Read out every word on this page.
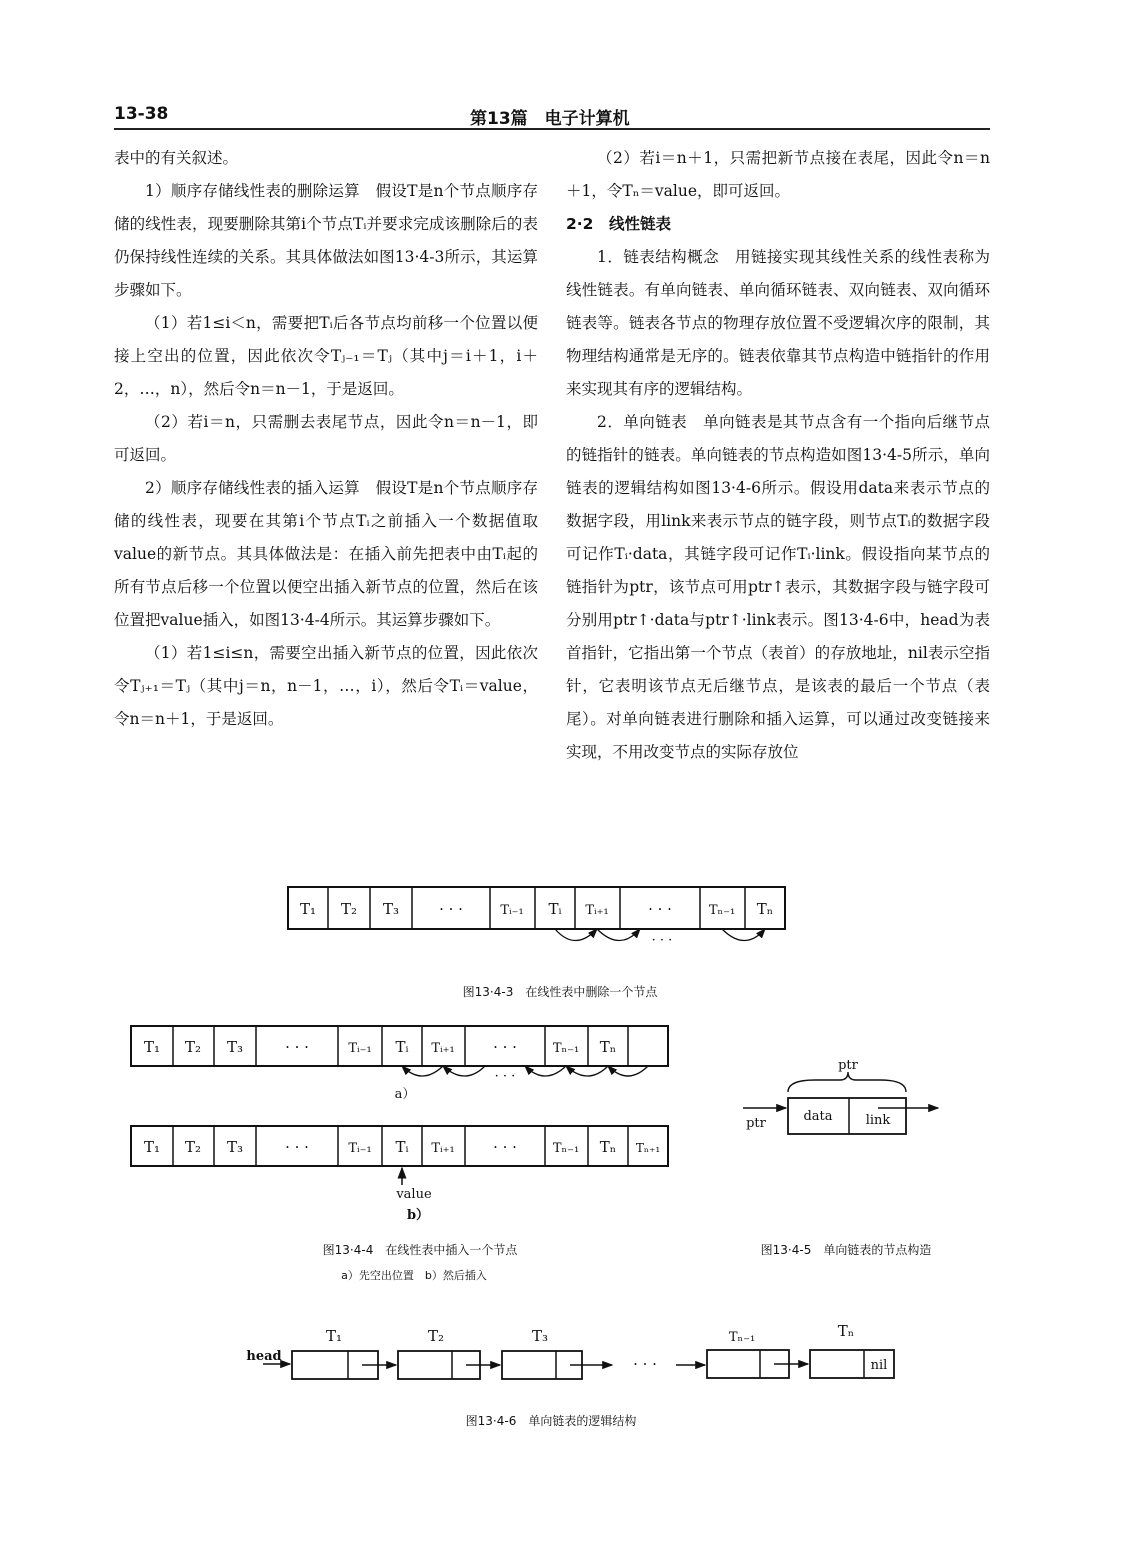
13-38	第13篇　电子计算机

表中的有关叙述。

1）顺序存储线性表的删除运算　假设T是n个节点顺序存储的线性表，现要删除其第i个节点Tᵢ并要求完成该删除后的表仍保持线性连续的关系。其具体做法如图13·4-3所示，其运算步骤如下。

（1）若1≤i＜n，需要把Tᵢ后各节点均前移一个位置以便接上空出的位置，因此依次令Tⱼ₋₁＝Tⱼ（其中j＝i＋1，i＋2，…，n），然后令n＝n－1，于是返回。

（2）若i＝n，只需删去表尾节点，因此令n＝n－1，即可返回。

2）顺序存储线性表的插入运算　假设T是n个节点顺序存储的线性表，现要在其第i个节点Tᵢ之前插入一个数据值取value的新节点。其具体做法是：在插入前先把表中由Tᵢ起的所有节点后移一个位置以便空出插入新节点的位置，然后在该位置把value插入，如图13·4-4所示。其运算步骤如下。

（1）若1≤i≤n，需要空出插入新节点的位置，因此依次令Tⱼ₊₁＝Tⱼ（其中j＝n，n－1，…，i），然后令Tᵢ＝value，令n＝n＋1，于是返回。

（2）若i＝n＋1，只需把新节点接在表尾，因此令n＝n＋1，令Tₙ＝value，即可返回。

2·2　线性链表

1．链表结构概念　用链接实现其线性关系的线性表称为线性链表。有单向链表、单向循环链表、双向链表、双向循环链表等。链表各节点的物理存放位置不受逻辑次序的限制，其物理结构通常是无序的。链表依靠其节点构造中链指针的作用来实现其有序的逻辑结构。

2．单向链表　单向链表是其节点含有一个指向后继节点的链指针的链表。单向链表的节点构造如图13·4-5所示，单向链表的逻辑结构如图13·4-6所示。假设用data来表示节点的数据字段，用link来表示节点的链字段，则节点Tᵢ的数据字段可记作Tᵢ·data，其链字段可记作Tᵢ·link。假设指向某节点的链指针为ptr，该节点可用ptr↑表示，其数据字段与链字段可分别用ptr↑·data与ptr↑·link表示。图13·4-6中，head为表首指针，它指出第一个节点（表首）的存放地址，nil表示空指针，它表明该节点无后继节点，是该表的最后一个节点（表尾）。对单向链表进行删除和插入运算，可以通过改变链接来实现，不用改变节点的实际存放位

T₁ T₂ T₃	· · ·	Tᵢ₋₁ Tᵢ Tᵢ₊₁	· · ·	Tₙ₋₁ Tₙ
· · ·
图13·4-3　在线性表中删除一个节点
T₁ T₂ T₃	· · ·	Tᵢ₋₁ Tᵢ Tᵢ₊₁	· · ·	Tₙ₋₁ Tₙ
· · ·
a）
T₁ T₂ T₃	· · ·	Tᵢ₋₁ Tᵢ Tᵢ₊₁	· · ·	Tₙ₋₁ Tₙ Tₙ₊₁
value
b）
图13·4-4　在线性表中插入一个节点
a）先空出位置　b）然后插入
ptr
data	link
ptr
图13·4-5　单向链表的节点构造
head
T₁	T₂	T₃
· · ·
Tₙ₋₁	Tₙ
nil
图13·4-6　单向链表的逻辑结构
